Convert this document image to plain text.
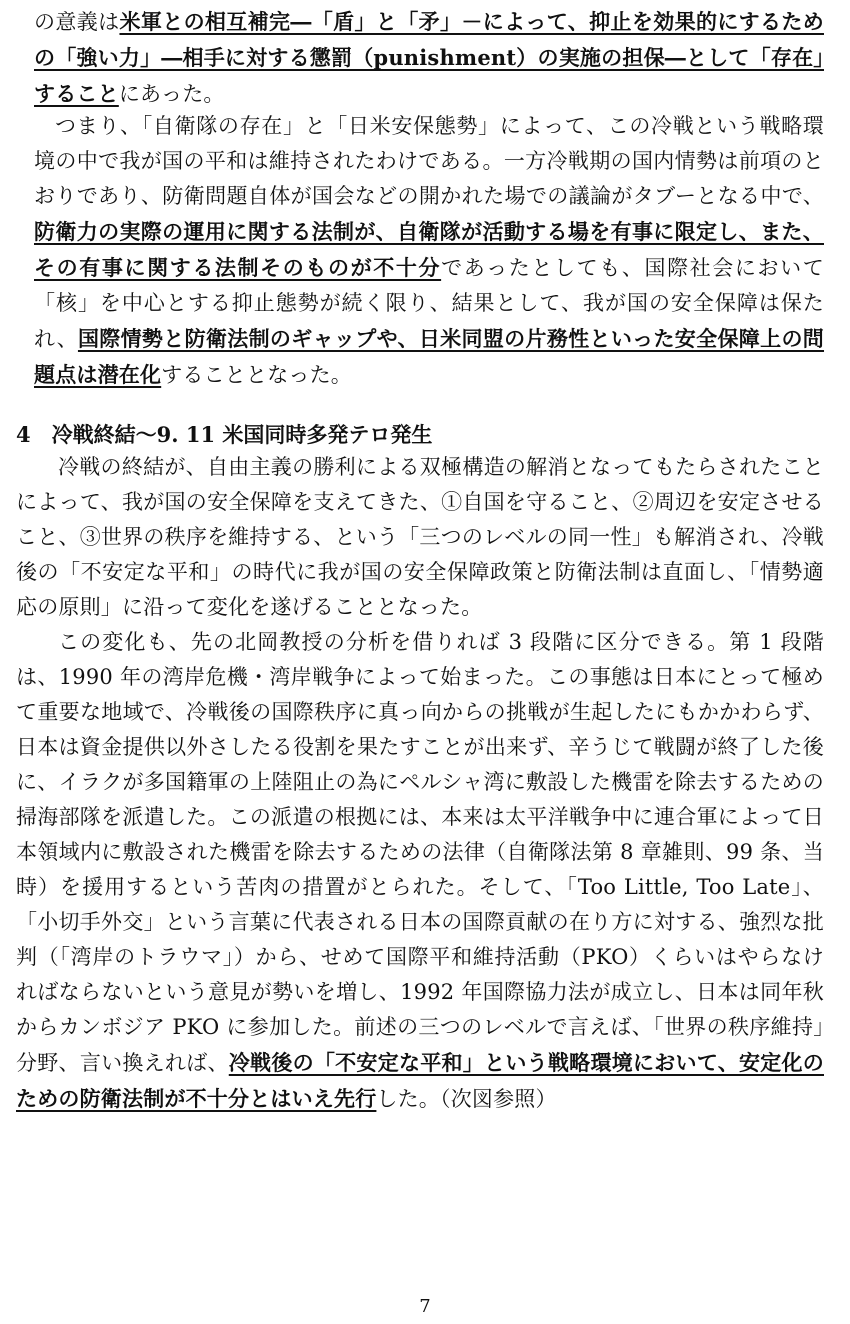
の意義は米軍との相互補完―「盾」と「矛」－によって、抑止を効果的にするための「強い力」―相手に対する懲罰（punishment）の実施の担保―として「存在」することにあった。

つまり、「自衛隊の存在」と「日米安保態勢」によって、この冷戦という戦略環境の中で我が国の平和は維持されたわけである。一方冷戦期の国内情勢は前項のとおりであり、防衛問題自体が国会などの開かれた場での議論がタブーとなる中で、防衛力の実際の運用に関する法制が、自衛隊が活動する場を有事に限定し、また、その有事に関する法制そのものが不十分であったとしても、国際社会において「核」を中心とする抑止態勢が続く限り、結果として、我が国の安全保障は保たれ、国際情勢と防衛法制のギャップや、日米同盟の片務性といった安全保障上の問題点は潜在化することとなった。

4　冷戦終結～9. 11 米国同時多発テロ発生

冷戦の終結が、自由主義の勝利による双極構造の解消となってもたらされたことによって、我が国の安全保障を支えてきた、①自国を守ること、②周辺を安定させること、③世界の秩序を維持する、という「三つのレベルの同一性」も解消され、冷戦後の「不安定な平和」の時代に我が国の安全保障政策と防衛法制は直面し、「情勢適応の原則」に沿って変化を遂げることとなった。

この変化も、先の北岡教授の分析を借りれば 3 段階に区分できる。第 1 段階は、1990 年の湾岸危機・湾岸戦争によって始まった。この事態は日本にとって極めて重要な地域で、冷戦後の国際秩序に真っ向からの挑戦が生起したにもかかわらず、日本は資金提供以外さしたる役割を果たすことが出来ず、辛うじて戦闘が終了した後に、イラクが多国籍軍の上陸阻止の為にペルシャ湾に敷設した機雷を除去するための掃海部隊を派遣した。この派遣の根拠には、本来は太平洋戦争中に連合軍によって日本領域内に敷設された機雷を除去するための法律（自衛隊法第 8 章雑則、99 条、当時）を援用するという苦肉の措置がとられた。そして、「Too Little, Too Late」、「小切手外交」という言葉に代表される日本の国際貢献の在り方に対する、強烈な批判（「湾岸のトラウマ」）から、せめて国際平和維持活動（PKO）くらいはやらなければならないという意見が勢いを増し、1992 年国際協力法が成立し、日本は同年秋からカンボジア PKO に参加した。前述の三つのレベルで言えば、「世界の秩序維持」分野、言い換えれば、冷戦後の「不安定な平和」という戦略環境において、安定化のための防衛法制が不十分とはいえ先行した。（次図参照）

7
